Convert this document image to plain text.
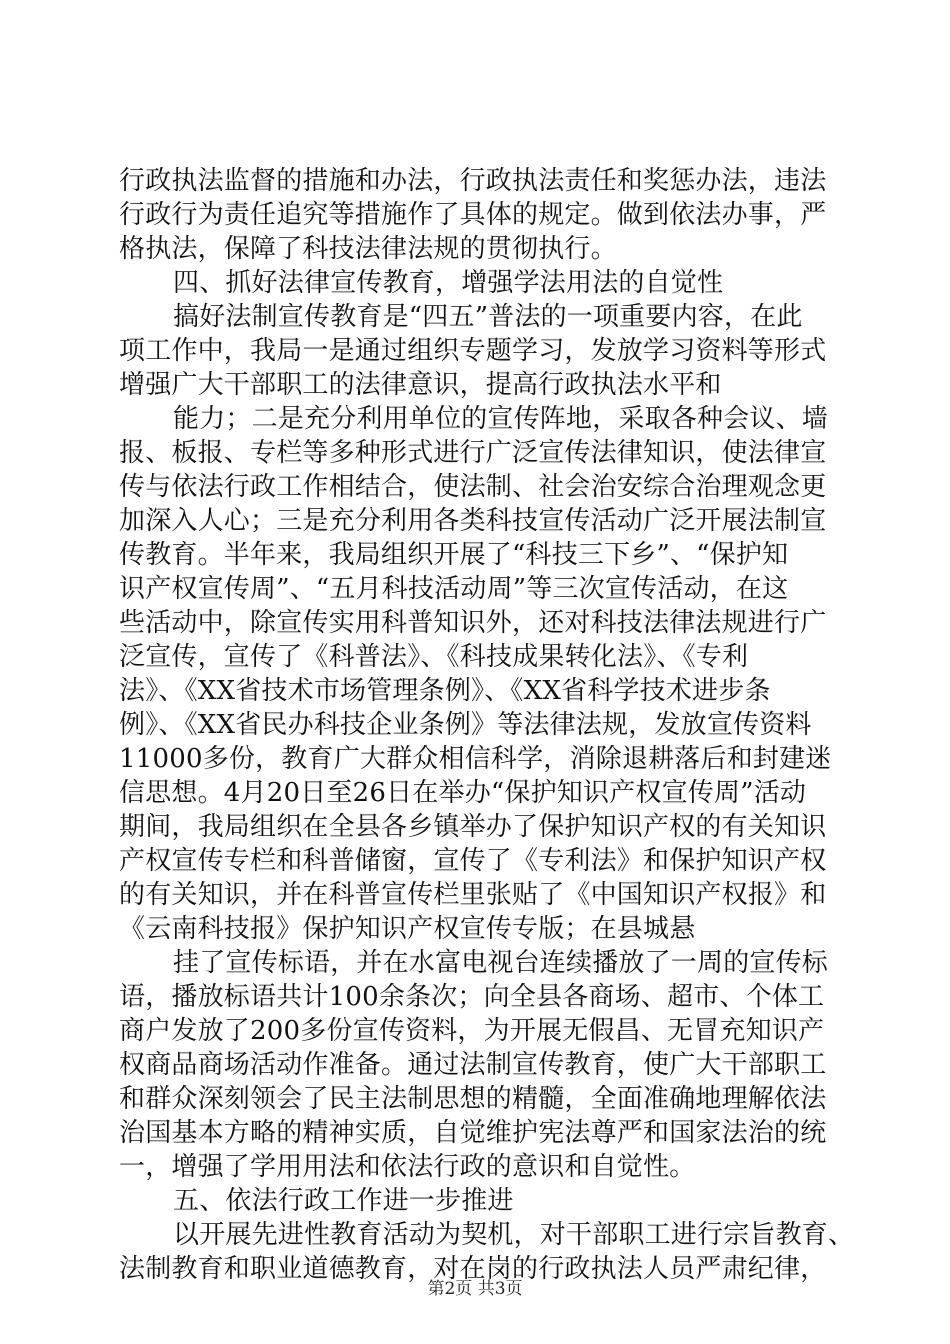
行政执法监督的措施和办法，行政执法责任和奖惩办法，违法
行政行为责任追究等措施作了具体的规定。做到依法办事，严
格执法，保障了科技法律法规的贯彻执行。
四、抓好法律宣传教育，增强学法用法的自觉性
搞好法制宣传教育是“四五”普法的一项重要内容，在此
项工作中，我局一是通过组织专题学习，发放学习资料等形式
增强广大干部职工的法律意识，提高行政执法水平和
能力；二是充分利用单位的宣传阵地，采取各种会议、墙
报、板报、专栏等多种形式进行广泛宣传法律知识，使法律宣
传与依法行政工作相结合，使法制、社会治安综合治理观念更
加深入人心；三是充分利用各类科技宣传活动广泛开展法制宣
传教育。半年来，我局组织开展了“科技三下乡”、“保护知
识产权宣传周”、“五月科技活动周”等三次宣传活动，在这
些活动中，除宣传实用科普知识外，还对科技法律法规进行广
泛宣传，宣传了《科普法》、《科技成果转化法》、《专利
法》、《XX省技术市场管理条例》、《XX省科学技术进步条
例》、《XX省民办科技企业条例》等法律法规，发放宣传资料
11000多份，教育广大群众相信科学，消除退耕落后和封建迷
信思想。4月20日至26日在举办“保护知识产权宣传周”活动
期间，我局组织在全县各乡镇举办了保护知识产权的有关知识
产权宣传专栏和科普储窗，宣传了《专利法》和保护知识产权
的有关知识，并在科普宣传栏里张贴了《中国知识产权报》和
《云南科技报》保护知识产权宣传专版；在县城悬
挂了宣传标语，并在水富电视台连续播放了一周的宣传标
语，播放标语共计100余条次；向全县各商场、超市、个体工
商户发放了200多份宣传资料，为开展无假昌、无冒充知识产
权商品商场活动作准备。通过法制宣传教育，使广大干部职工
和群众深刻领会了民主法制思想的精髓，全面准确地理解依法
治国基本方略的精神实质，自觉维护宪法尊严和国家法治的统
一，增强了学用用法和依法行政的意识和自觉性。
五、依法行政工作进一步推进
以开展先进性教育活动为契机，对干部职工进行宗旨教育、
法制教育和职业道德教育，对在岗的行政执法人员严肃纪律，
第2页 共3页
